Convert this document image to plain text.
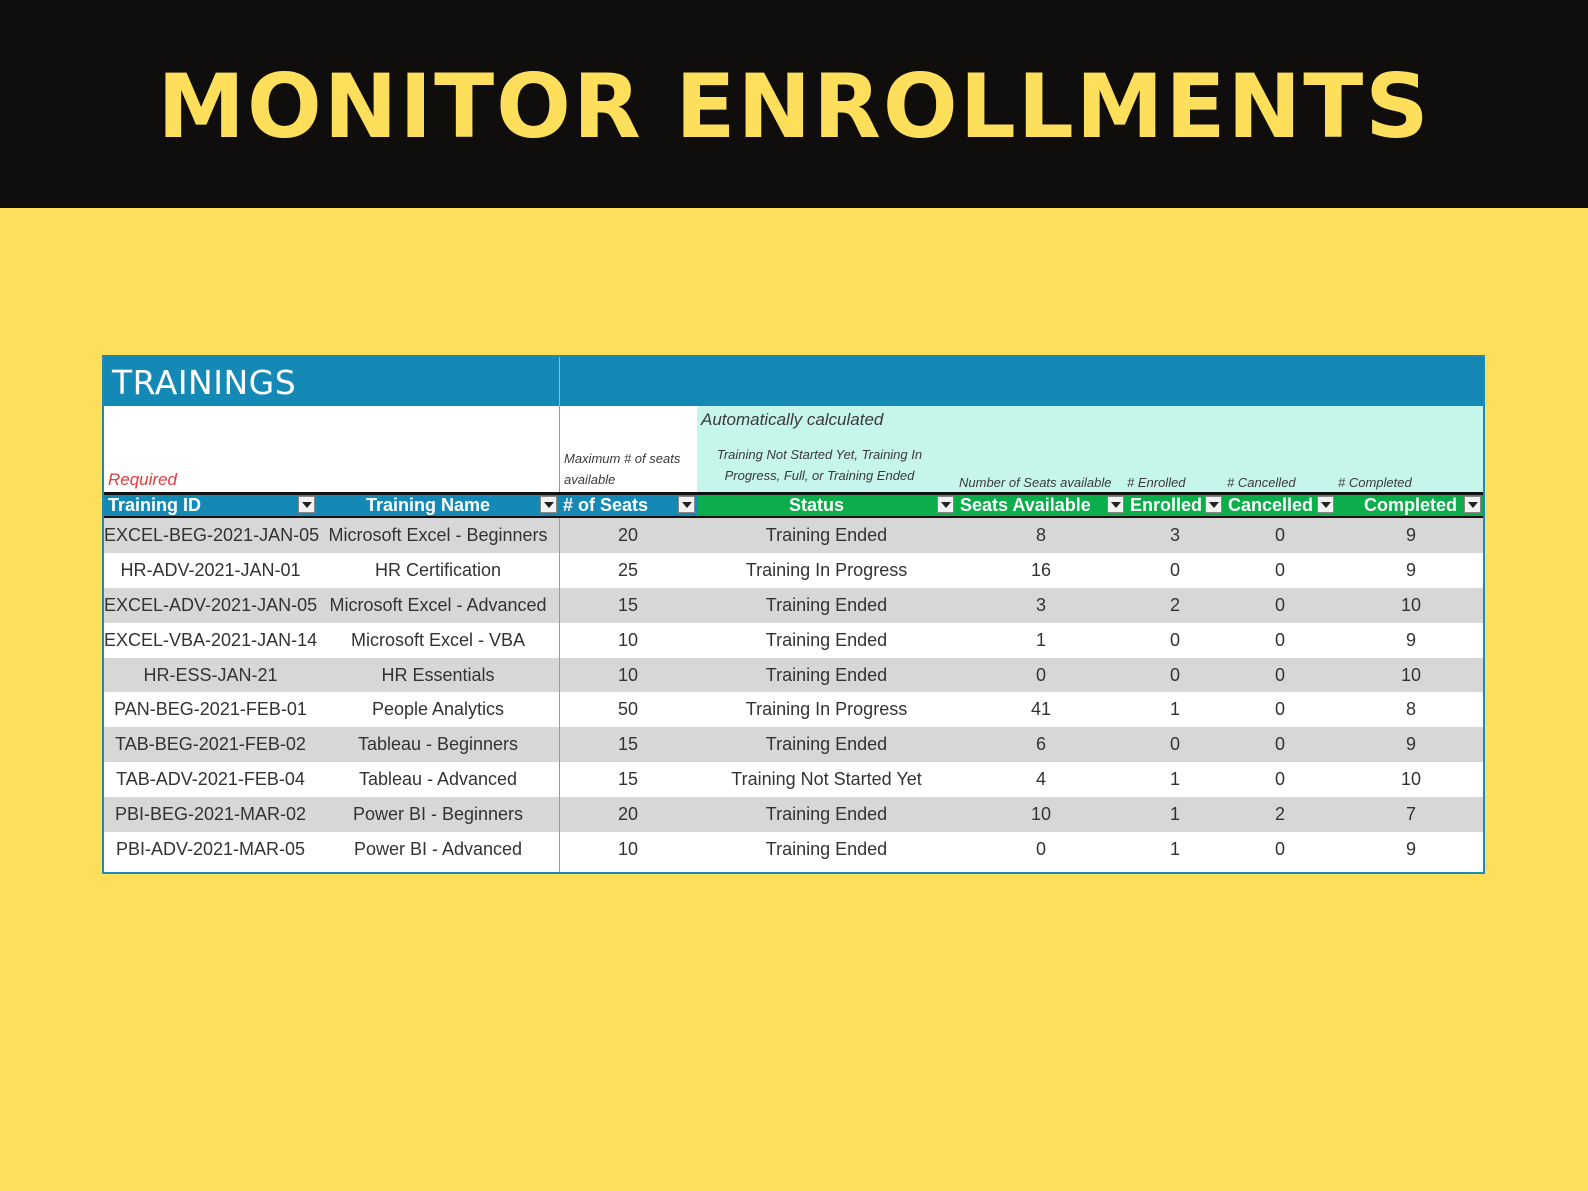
MONITOR ENROLLMENTS
TRAININGS
Required
Maximum # of seats available
Automatically calculated
Training Not Started Yet, Training In Progress, Full, or Training Ended	Number of Seats available # Enrolled	# Cancelled	# Completed
Training ID	Training Name	# of Seats	Status	Seats Available	Enrolled	Cancelled	Completed
EXCEL-BEG-2021-JAN-05 Microsoft Excel - Beginners	20	Training Ended	8	3	0	9
HR-ADV-2021-JAN-01	HR Certification	25	Training In Progress	16	0	0	9
EXCEL-ADV-2021-JAN-05 Microsoft Excel - Advanced	15	Training Ended	3	2	0	10
EXCEL-VBA-2021-JAN-14	Microsoft Excel - VBA	10	Training Ended	1	0	0	9
HR-ESS-JAN-21	HR Essentials	10	Training Ended	0	0	0	10
PAN-BEG-2021-FEB-01	People Analytics	50	Training In Progress	41	1	0	8
TAB-BEG-2021-FEB-02	Tableau - Beginners	15	Training Ended	6	0	0	9
TAB-ADV-2021-FEB-04	Tableau - Advanced	15	Training Not Started Yet	4	1	0	10
PBI-BEG-2021-MAR-02	Power BI - Beginners	20	Training Ended	10	1	2	7
PBI-ADV-2021-MAR-05	Power BI - Advanced	10	Training Ended	0	1	0	9
